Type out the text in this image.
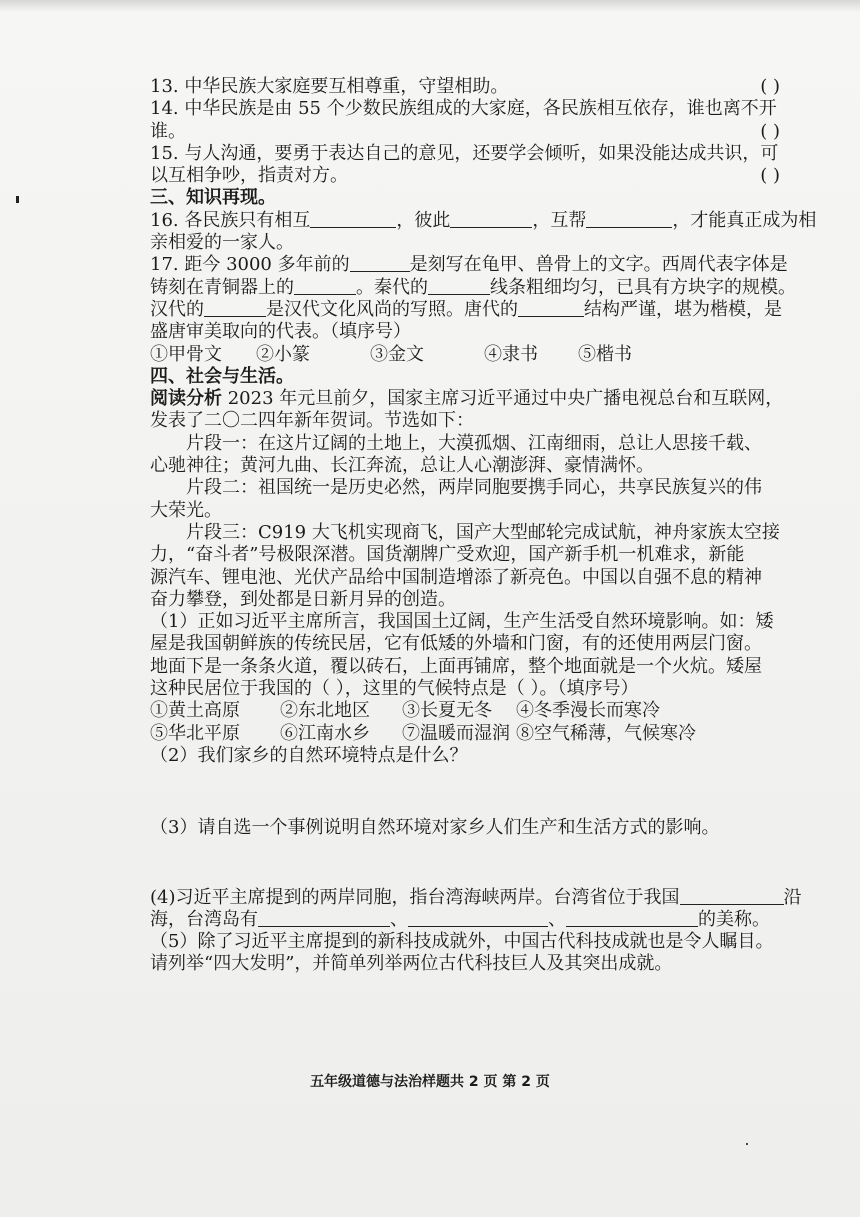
13. 中华民族大家庭要互相尊重，守望相助。	( )
14. 中华民族是由 55 个少数民族组成的大家庭，各民族相互依存，谁也离不开
谁。	( )
15. 与人沟通，要勇于表达自己的意见，还要学会倾听，如果没能达成共识，可
以互相争吵，指责对方。	( )
三、知识再现。
16. 各民族只有相互	，彼此	，互帮	，才能真正成为相
亲相爱的一家人。
17. 距今 3000 多年前的	是刻写在龟甲、兽骨上的文字。西周代表字体是
铸刻在青铜器上的	。秦代的	线条粗细均匀，已具有方块字的规模。
汉代的	是汉代文化风尚的写照。唐代的	结构严谨，堪为楷模，是
盛唐审美取向的代表。（填序号）
①甲骨文 ②小篆	③金文	④隶书 ⑤楷书
四、社会与生活。
阅读分析 2023 年元旦前夕，国家主席习近平通过中央广播电视总台和互联网，
发表了二〇二四年新年贺词。节选如下：
片段一：在这片辽阔的土地上，大漠孤烟、江南细雨，总让人思接千载、
心驰神往；黄河九曲、长江奔流，总让人心潮澎湃、豪情满怀。
片段二：祖国统一是历史必然，两岸同胞要携手同心，共享民族复兴的伟
大荣光。
片段三：C919 大飞机实现商飞，国产大型邮轮完成试航，神舟家族太空接
力，“奋斗者”号极限深潜。国货潮牌广受欢迎，国产新手机一机难求，新能
源汽车、锂电池、光伏产品给中国制造增添了新亮色。中国以自强不息的精神
奋力攀登，到处都是日新月异的创造。
（1）正如习近平主席所言，我国国土辽阔，生产生活受自然环境影响。如：矮
屋是我国朝鲜族的传统民居，它有低矮的外墙和门窗，有的还使用两层门窗。
地面下是一条条火道，覆以砖石，上面再铺席，整个地面就是一个火炕。矮屋
这种民居位于我国的（ ），这里的气候特点是（ ）。（填序号）
①黄土高原 ②东北地区 ③长夏无冬 ④冬季漫长而寒冷
⑤华北平原 ⑥江南水乡 ⑦温暖而湿润 ⑧空气稀薄，气候寒冷
（2）我们家乡的自然环境特点是什么？
（3）请自选一个事例说明自然环境对家乡人们生产和生活方式的影响。
(4)习近平主席提到的两岸同胞，指台湾海峡两岸。台湾省位于我国	沿
海，台湾岛有	、	、	的美称。
（5）除了习近平主席提到的新科技成就外，中国古代科技成就也是令人瞩目。
请列举“四大发明”，并简单列举两位古代科技巨人及其突出成就。
五年级道德与法治样题共 2 页 第 2 页
